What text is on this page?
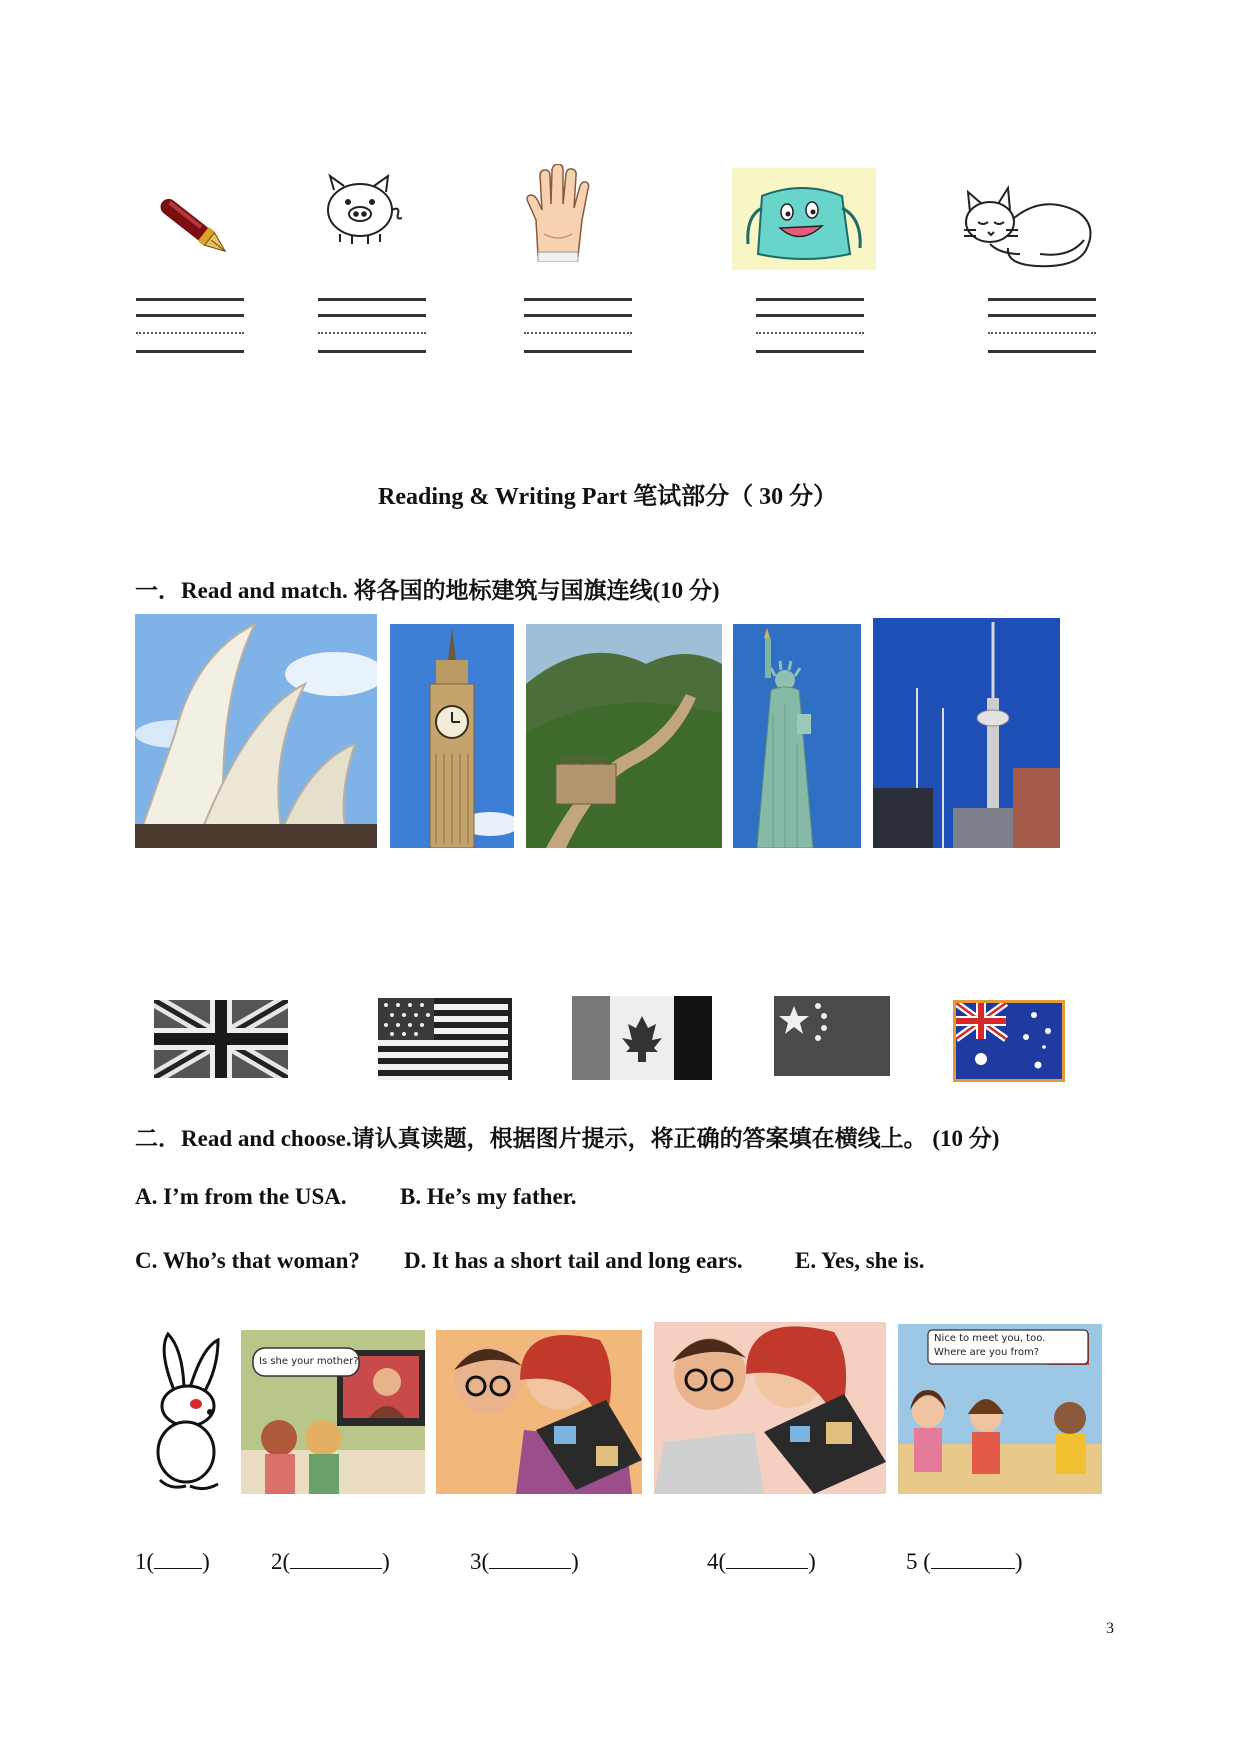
Reading & Writing Part 笔试部分（ 30 分）
一．Read and match. 将各国的地标建筑与国旗连线(10 分)
二．Read and choose.请认真读题，根据图片提示，将正确的答案填在横线上。 (10 分)
A. I’m from the USA. B. He’s my father.
C. Who’s that woman? D. It has a short tail and long ears. E. Yes, she is.
Is she your mother?
Nice to meet you, too.
Where are you from?
1( )	2(	)	3(	)	4(	)	5 (	)
3
